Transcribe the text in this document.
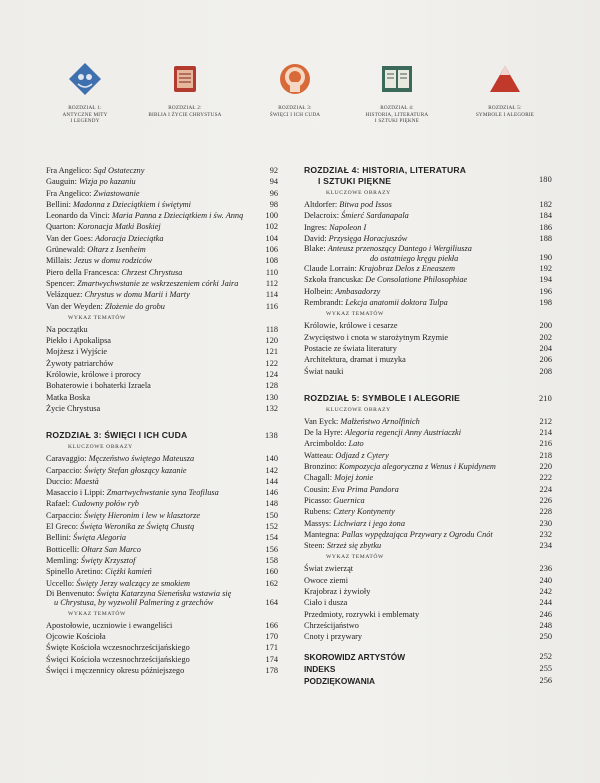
ROZDZIAŁ 1:
ANTYCZNE MITY
I LEGENDY
ROZDZIAŁ 2:
BIBLIA I ŻYCIE CHRYSTUSA
ROZDZIAŁ 3:
ŚWIĘCI I ICH CUDA
ROZDZIAŁ 4:
HISTORIA, LITERATURA
I SZTUKI PIĘKNE
ROZDZIAŁ 5:
SYMBOLE I ALEGORIE
Fra Angelico: Sąd Ostateczny	92
Gauguin: Wizja po kazaniu	94
Fra Angelico: Zwiastowanie	96
Bellini: Madonna z Dzieciątkiem i świętymi	98
Leonardo da Vinci: Maria Panna z Dzieciątkiem i św. Anną	100
Quarton: Koronacja Matki Boskiej	102
Van der Goes: Adoracja Dzieciątka	104
Grünewald: Ołtarz z Isenheim	106
Millais: Jezus w domu rodziców	108
Piero della Francesca: Chrzest Chrystusa	110
Spencer: Zmartwychwstanie ze wskrzeszeniem córki Jaira	112
Velázquez: Chrystus w domu Marii i Marty	114
Van der Weyden: Złożenie do grobu	116
WYKAZ TEMATÓW
Na początku	118
Piekło i Apokalipsa	120
Mojżesz i Wyjście	121
Żywoty patriarchów	122
Królowie, królowe i prorocy	124
Bohaterowie i bohaterki Izraela	128
Matka Boska	130
Życie Chrystusa	132
ROZDZIAŁ 3: ŚWIĘCI I ICH CUDA	138
KLUCZOWE OBRAZY
Caravaggio: Męczeństwo świętego Mateusza	140
Carpaccio: Święty Stefan głoszący kazanie	142
Duccio: Maestà	144
Masaccio i Lippi: Zmartwychwstanie syna Teofilusa	146
Rafael: Cudowny połów ryb	148
Carpaccio: Święty Hieronim i lew w klasztorze	150
El Greco: Święta Weronika ze Świętą Chustą	152
Bellini: Święta Alegoria	154
Botticelli: Ołtarz San Marco	156
Memling: Święty Krzysztof	158
Spinello Aretino: Ciężki kamień	160
Uccello: Święty Jerzy walczący ze smokiem	162
Di Benvenuto: Święta Katarzyna Sieneńska wstawia się
u Chrystusa, by wyzwolił Palmering z grzechów	164
WYKAZ TEMATÓW
Apostołowie, uczniowie i ewangeliści	166
Ojcowie Kościoła	170
Święte Kościoła wczesnochrześcijańskiego	171
Święci Kościoła wczesnochrześcijańskiego	174
Święci i męczennicy okresu późniejszego	178
ROZDZIAŁ 4: HISTORIA, LITERATURA
I SZTUKI PIĘKNE	180
KLUCZOWE OBRAZY
Altdorfer: Bitwa pod Issos	182
Delacroix: Śmierć Sardanapala	184
Ingres: Napoleon I	186
David: Przysięga Horacjuszów	188
Blake: Anteusz przenoszący Dantego i Wergiliusza
do ostatniego kręgu piekła	190
Claude Lorrain: Krajobraz Delos z Eneaszem	192
Szkoła francuska: De Consolatione Philosophiae	194
Holbein: Ambasadorzy	196
Rembrandt: Lekcja anatomii doktora Tulpa	198
WYKAZ TEMATÓW
Królowie, królowe i cesarze	200
Zwycięstwo i cnota w starożytnym Rzymie	202
Postacie ze świata literatury	204
Architektura, dramat i muzyka	206
Świat nauki	208
ROZDZIAŁ 5: SYMBOLE I ALEGORIE	210
KLUCZOWE OBRAZY
Van Eyck: Małżeństwo Arnolfinich	212
De la Hyre: Alegoria regencji Anny Austriaczki	214
Arcimboldo: Lato	216
Watteau: Odjazd z Cytery	218
Bronzino: Kompozycja alegoryczna z Wenus i Kupidynem	220
Chagall: Mojej żonie	222
Cousin: Eva Prima Pandora	224
Picasso: Guernica	226
Rubens: Cztery Kontynenty	228
Massys: Lichwiarz i jego żona	230
Mantegna: Pallas wypędzająca Przywary z Ogrodu Cnót	232
Steen: Strzeż się zbytku	234
WYKAZ TEMATÓW
Świat zwierząt	236
Owoce ziemi	240
Krajobraz i żywioły	242
Ciało i dusza	244
Przedmioty, rozrywki i emblematy	246
Chrześcijaństwo	248
Cnoty i przywary	250
SKOROWIDZ ARTYSTÓW	252
INDEKS	255
PODZIĘKOWANIA	256
